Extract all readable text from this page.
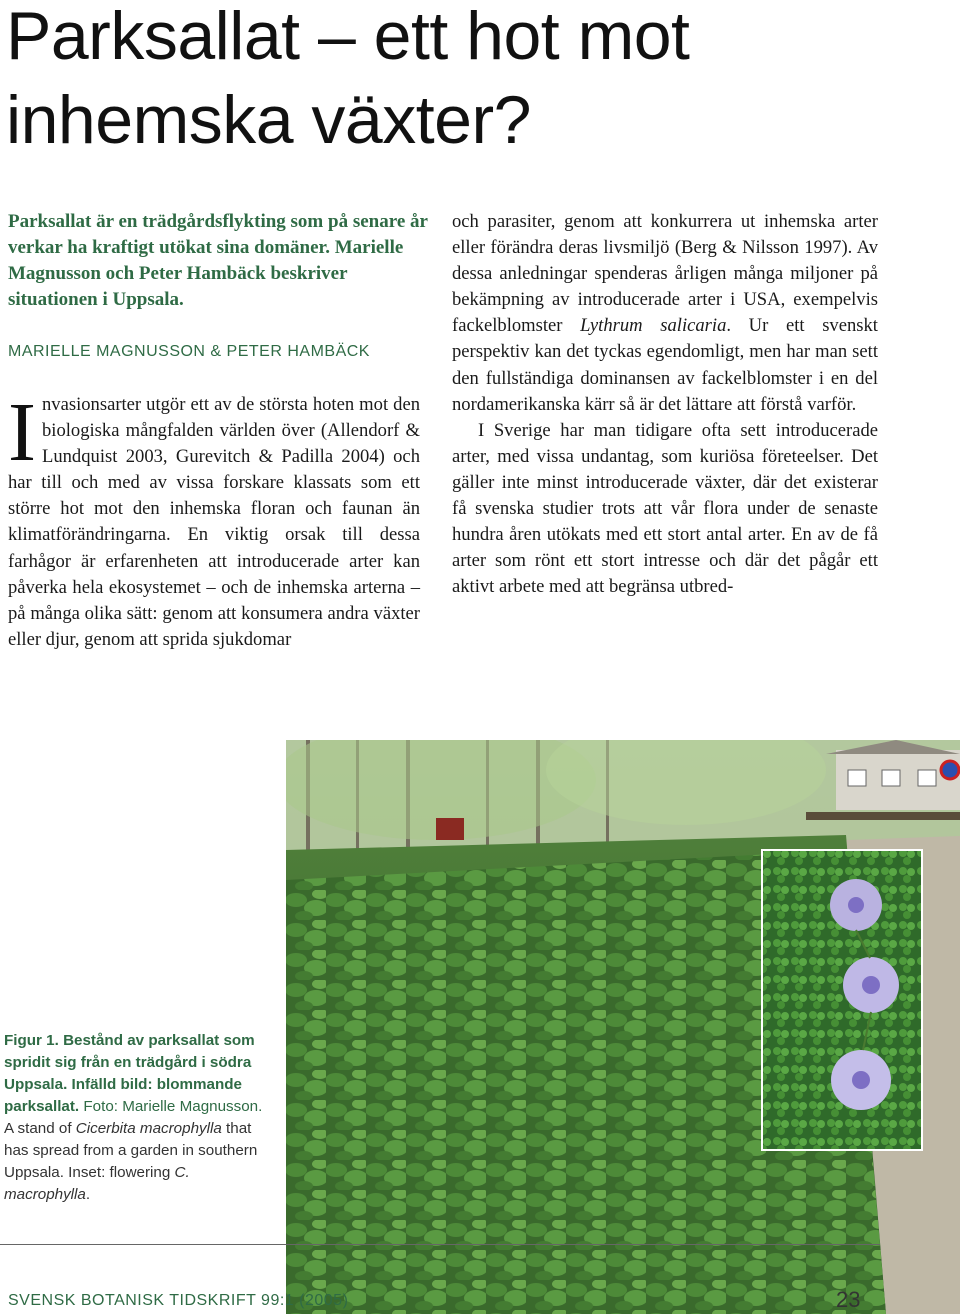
Parksallat – ett hot mot inhemska växter?

Parksallat är en trädgårdsflykting som på senare år verkar ha kraftigt utökat sina domäner. Marielle Magnusson och Peter Hambäck beskriver situationen i Uppsala.

MARIELLE MAGNUSSON & PETER HAMBÄCK

Invasionsarter utgör ett av de största hoten mot den biologiska mångfalden världen över (Allendorf & Lundquist 2003, Gurevitch & Padilla 2004) och har till och med av vissa forskare klassats som ett större hot mot den inhemska floran och faunan än klimatförändringarna. En viktig orsak till dessa farhågor är erfarenheten att introducerade arter kan påverka hela ekosystemet – och de inhemska arterna – på många olika sätt: genom att konsumera andra växter eller djur, genom att sprida sjukdomar

och parasiter, genom att konkurrera ut inhemska arter eller förändra deras livsmiljö (Berg & Nilsson 1997). Av dessa anledningar spenderas årligen många miljoner på bekämpning av introducerade arter i USA, exempelvis fackelblomster Lythrum salicaria. Ur ett svenskt perspektiv kan det tyckas egendomligt, men har man sett den fullständiga dominansen av fackelblomster i en del nordamerikanska kärr så är det lättare att förstå varför.

I Sverige har man tidigare ofta sett introducerade arter, med vissa undantag, som kuriösa företeelser. Det gäller inte minst introducerade växter, där det existerar få svenska studier trots att vår flora under de senaste hundra åren utökats med ett stort antal arter. En av de få arter som rönt ett stort intresse och där det pågår ett aktivt arbete med att begränsa utbred-

Figur 1. Bestånd av parksallat som spridit sig från en trädgård i södra Uppsala. Infälld bild: blommande parksallat. Foto: Marielle Magnusson.
A stand of Cicerbita macrophylla that has spread from a garden in southern Uppsala. Inset: flowering C. macrophylla.

SVENSK BOTANISK TIDSKRIFT 99:1 (2005)	23
